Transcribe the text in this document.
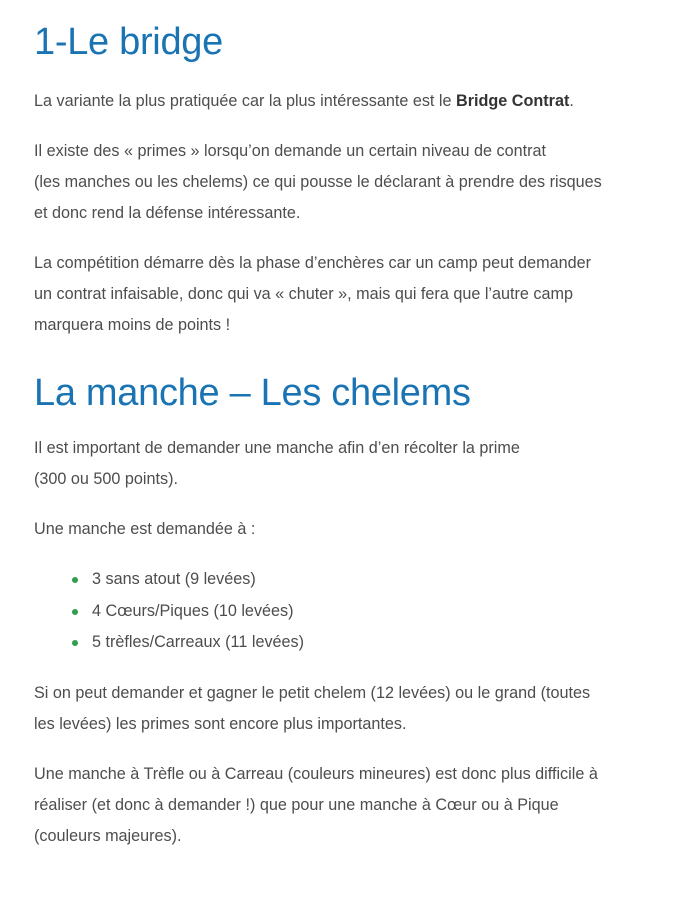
1-Le bridge

La variante la plus pratiquée car la plus intéressante est le Bridge Contrat.

Il existe des « primes » lorsqu’on demande un certain niveau de contrat
(les manches ou les chelems) ce qui pousse le déclarant à prendre des risques
et donc rend la défense intéressante.

La compétition démarre dès la phase d’enchères car un camp peut demander
un contrat infaisable, donc qui va « chuter », mais qui fera que l’autre camp
marquera moins de points !

La manche – Les chelems

Il est important de demander une manche afin d’en récolter la prime
(300 ou 500 points).

Une manche est demandée à :

3 sans atout (9 levées)
4 Cœurs/Piques (10 levées)
5 trèfles/Carreaux (11 levées)

Si on peut demander et gagner le petit chelem (12 levées) ou le grand (toutes
les levées) les primes sont encore plus importantes.

Une manche à Trèfle ou à Carreau (couleurs mineures) est donc plus difficile à
réaliser (et donc à demander !) que pour une manche à Cœur ou à Pique
(couleurs majeures).
